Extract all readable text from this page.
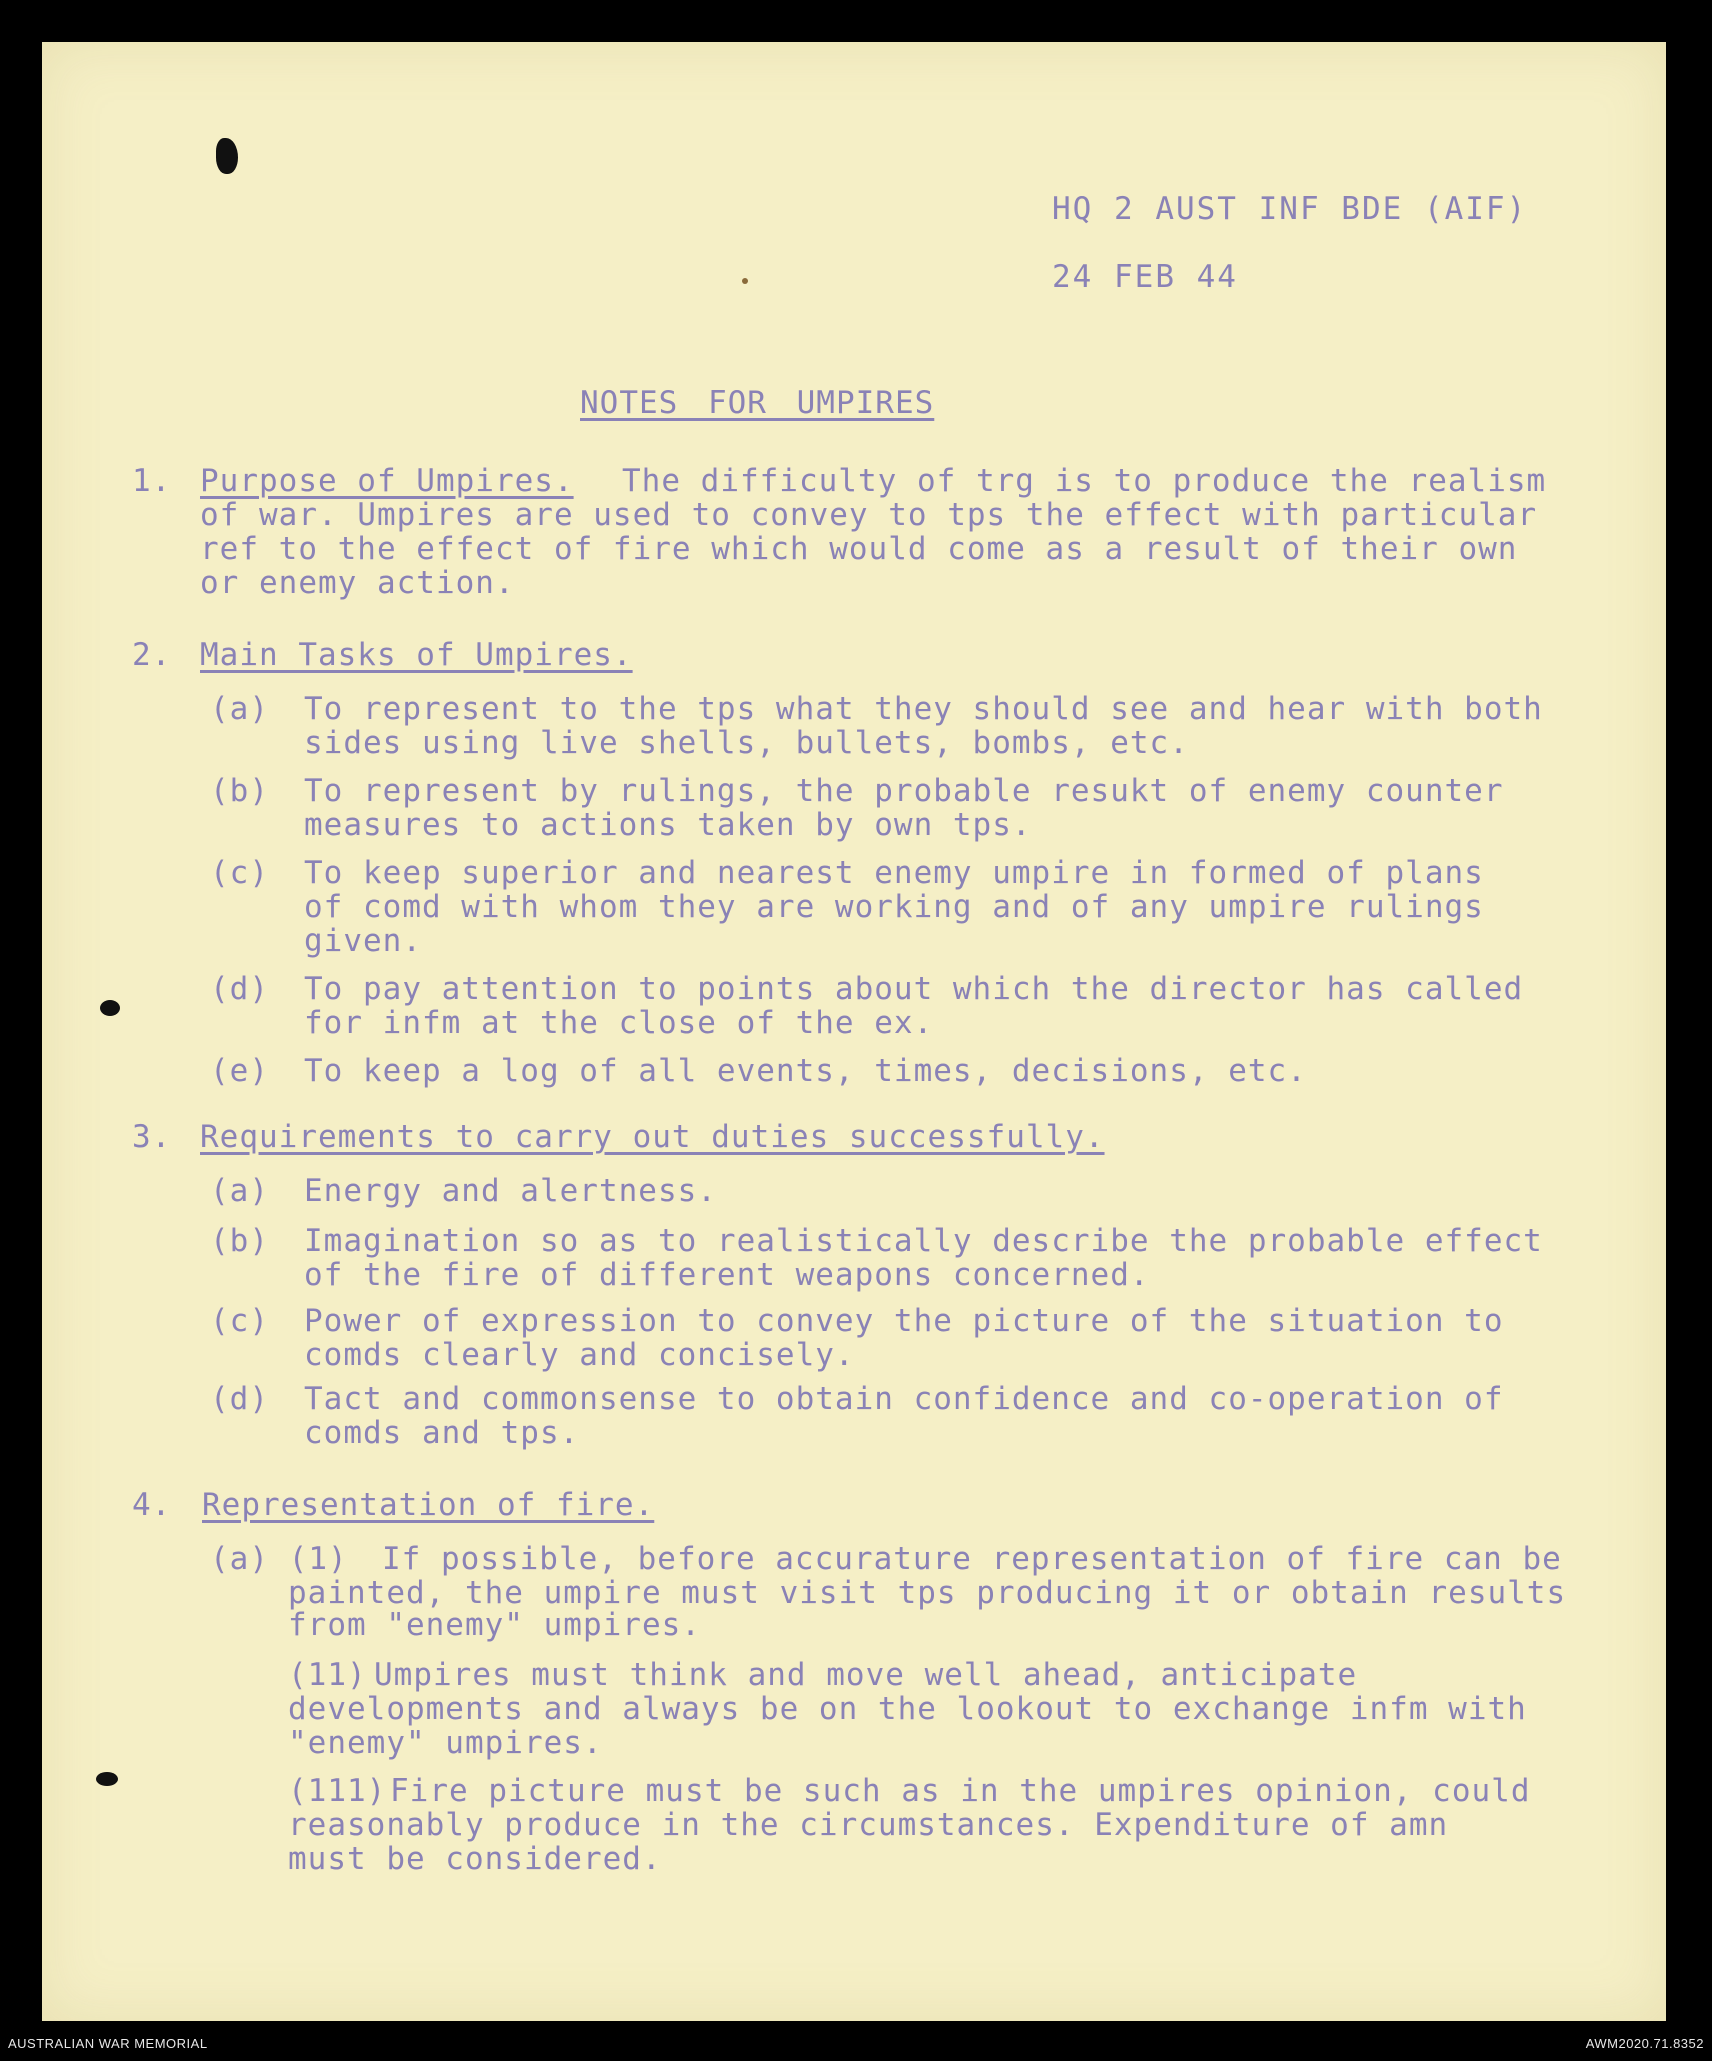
HQ 2 AUST INF BDE (AIF)
24 FEB 44
NOTES FOR UMPIRES
1. Purpose of Umpires. The difficulty of trg is to produce the realism
of war. Umpires are used to convey to tps the effect with particular
ref to the effect of fire which would come as a result of their own
or enemy action.
2. Main Tasks of Umpires.
(a) To represent to the tps what they should see and hear with both
sides using live shells, bullets, bombs, etc.
(b) To represent by rulings, the probable resukt of enemy counter
measures to actions taken by own tps.
(c) To keep superior and nearest enemy umpire in formed of plans
of comd with whom they are working and of any umpire rulings
given.
(d) To pay attention to points about which the director has called
for infm at the close of the ex.
(e) To keep a log of all events, times, decisions, etc.
3. Requirements to carry out duties successfully.
(a) Energy and alertness.
(b) Imagination so as to realistically describe the probable effect
of the fire of different weapons concerned.
(c) Power of expression to convey the picture of the situation to
comds clearly and concisely.
(d) Tact and commonsense to obtain confidence and co-operation of
comds and tps.
4. Representation of fire.
(a) (1) If possible, before accurature representation of fire can be
painted, the umpire must visit tps producing it or obtain results
from "enemy" umpires.
(11) Umpires must think and move well ahead, anticipate
developments and always be on the lookout to exchange infm with
"enemy" umpires.
(111) Fire picture must be such as in the umpires opinion, could
reasonably produce in the circumstances. Expenditure of amn
must be considered.
AUSTRALIAN WAR MEMORIAL	AWM2020.71.8352
